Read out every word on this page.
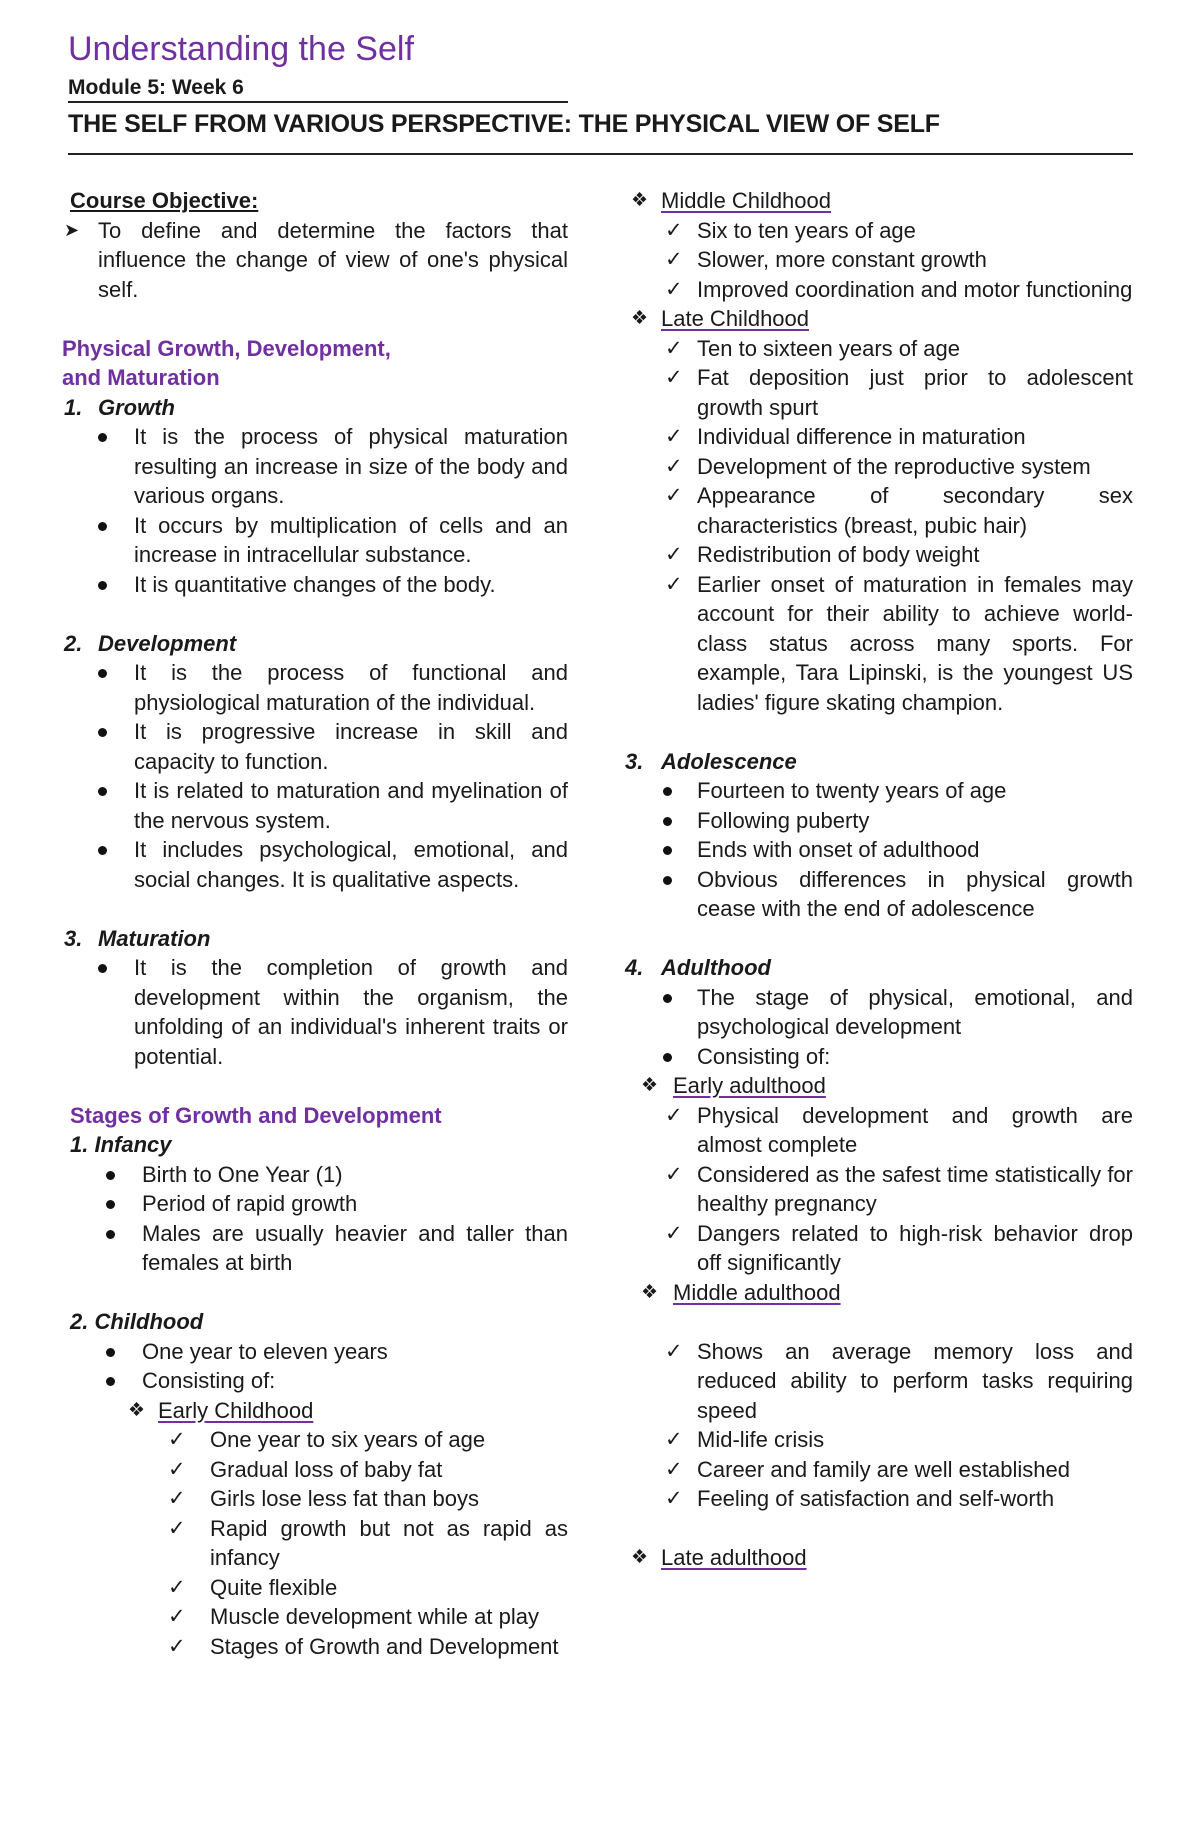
Understanding the Self
Module 5: Week 6
THE SELF FROM VARIOUS PERSPECTIVE: THE PHYSICAL VIEW OF SELF
Course Objective:
➤ To define and determine the factors that influence the change of view of one's physical self.
Physical Growth, Development, and Maturation
1. Growth
It is the process of physical maturation resulting an increase in size of the body and various organs.
It occurs by multiplication of cells and an increase in intracellular substance.
It is quantitative changes of the body.
2. Development
It is the process of functional and physiological maturation of the individual.
It is progressive increase in skill and capacity to function.
It is related to maturation and myelination of the nervous system.
It includes psychological, emotional, and social changes. It is qualitative aspects.
3. Maturation
It is the completion of growth and development within the organism, the unfolding of an individual's inherent traits or potential.
Stages of Growth and Development
1. Infancy
Birth to One Year (1)
Period of rapid growth
Males are usually heavier and taller than females at birth
2. Childhood
One year to eleven years
Consisting of:
❖ Early Childhood
✓ One year to six years of age
✓ Gradual loss of baby fat
✓ Girls lose less fat than boys
✓ Rapid growth but not as rapid as infancy
✓ Quite flexible
✓ Muscle development while at play
✓ Stages of Growth and Development
❖ Middle Childhood
✓ Six to ten years of age
✓ Slower, more constant growth
✓ Improved coordination and motor functioning
❖ Late Childhood
✓ Ten to sixteen years of age
✓ Fat deposition just prior to adolescent growth spurt
✓ Individual difference in maturation
✓ Development of the reproductive system
✓ Appearance of secondary sex characteristics (breast, pubic hair)
✓ Redistribution of body weight
✓ Earlier onset of maturation in females may account for their ability to achieve world- class status across many sports. For example, Tara Lipinski, is the youngest US ladies' figure skating champion.
3. Adolescence
Fourteen to twenty years of age
Following puberty
Ends with onset of adulthood
Obvious differences in physical growth cease with the end of adolescence
4. Adulthood
The stage of physical, emotional, and psychological development
Consisting of:
❖ Early adulthood
✓ Physical development and growth are almost complete
✓ Considered as the safest time statistically for healthy pregnancy
✓ Dangers related to high-risk behavior drop off significantly
❖ Middle adulthood
✓ Shows an average memory loss and reduced ability to perform tasks requiring speed
✓ Mid-life crisis
✓ Career and family are well established
✓ Feeling of satisfaction and self-worth
❖ Late adulthood
